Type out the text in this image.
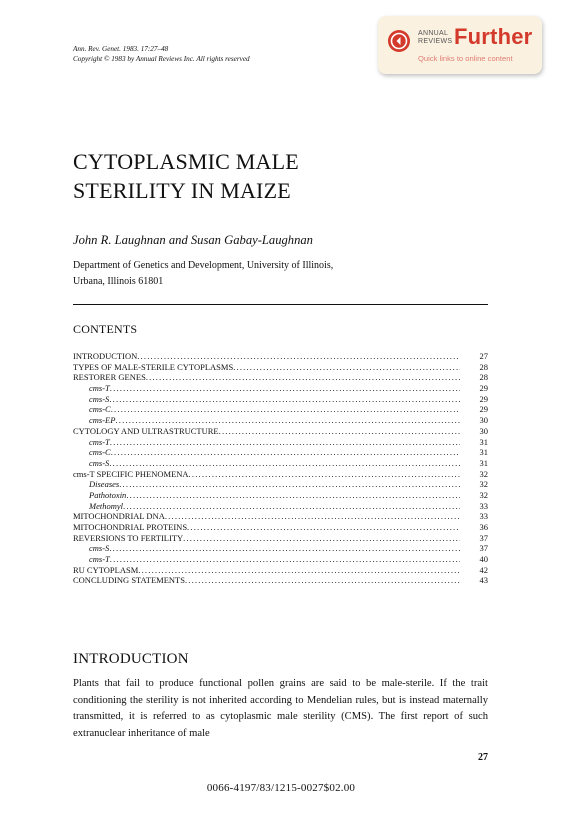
Ann. Rev. Genet. 1983. 17:27–48
Copyright © 1983 by Annual Reviews Inc. All rights reserved
ANNUAL
REVIEWS Further
Quick links to online content
CYTOPLASMIC MALE
STERILITY IN MAIZE
John R. Laughnan and Susan Gabay-Laughnan
Department of Genetics and Development, University of Illinois,
Urbana, Illinois 61801
CONTENTS
INTRODUCTION .....	27
TYPES OF MALE-STERILE CYTOPLASMS .....	28
RESTORER GENES .....	28
cms-T .....	29
cms-S .....	29
cms-C .....	29
cms-EP .....	30
CYTOLOGY AND ULTRASTRUCTURE .....	30
cms-T .....	31
cms-C .....	31
cms-S .....	31
cms-T SPECIFIC PHENOMENA .....	32
Diseases .....	32
Pathotoxin .....	32
Methomyl .....	33
MITOCHONDRIAL DNA .....	33
MITOCHONDRIAL PROTEINS .....	36
REVERSIONS TO FERTILITY .....	37
cms-S .....	37
cms-T .....	40
RU CYTOPLASM .....	42
CONCLUDING STATEMENTS .....	43
INTRODUCTION

Plants that fail to produce functional pollen grains are said to be male-sterile. If the trait conditioning the sterility is not inherited according to Mendelian rules, but is instead maternally transmitted, it is referred to as cytoplasmic male sterility (CMS). The first report of such extranuclear inheritance of male

27
0066-4197/83/1215-0027$02.00
